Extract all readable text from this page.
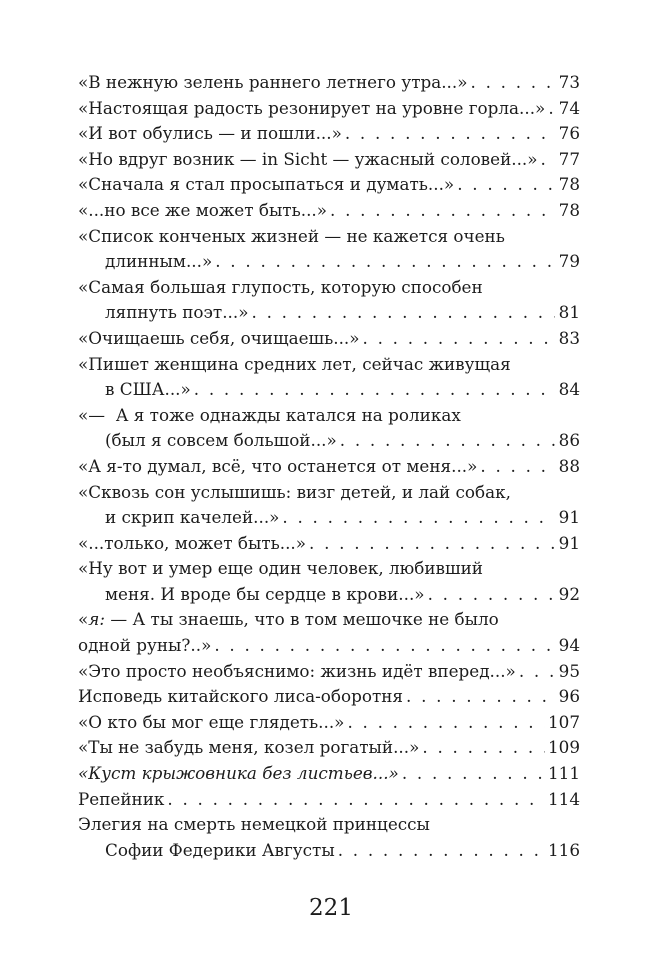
«В нежную зелень раннего летнего утра...» . . .	73
«Настоящая радость резонирует на уровне горла...» . . . 74
«И вот обулись — и пошли...» . . .	76
«Но вдруг возник — in Sicht — ужасный соловей...» . . . 77
«Сначала я стал просыпаться и думать...» . . .	78
«...но все же может быть...» . . .	78
«Список конченых жизней — не кажется очень
длинным...» . . .	79
«Самая большая глупость, которую способен
ляпнуть поэт...» . . .	81
«Очищаешь себя, очищаешь...» . . .	83
«Пишет женщина средних лет, сейчас живущая
в США...» . . .	84
«—  А я тоже однажды катался на роликах
(был я совсем большой...» . . .	86
«А я-то думал, всё, что останется от меня...» . . .	88
«Сквозь сон услышишь: визг детей, и лай собак,
и скрип качелей...» . . .	91
«...только, может быть...» . . .	91
«Ну вот и умер еще один человек, любивший
меня. И вроде бы сердце в крови...» . . .	92
«я: — А ты знаешь, что в том мешочке не было
одной руны?..» . . .	94
«Это просто необъяснимо: жизнь идёт вперед...» . . .	95
Исповедь китайского лиса-оборотня . . .	96
«О кто бы мог еще глядеть...» . . .	107
«Ты не забудь меня, козел рогатый...» . . .	109
«Куст крыжовника без листьев...» . . .	111
Репейник . . .	114
Элегия на смерть немецкой принцессы
Софии Федерики Августы . . .	116
221
